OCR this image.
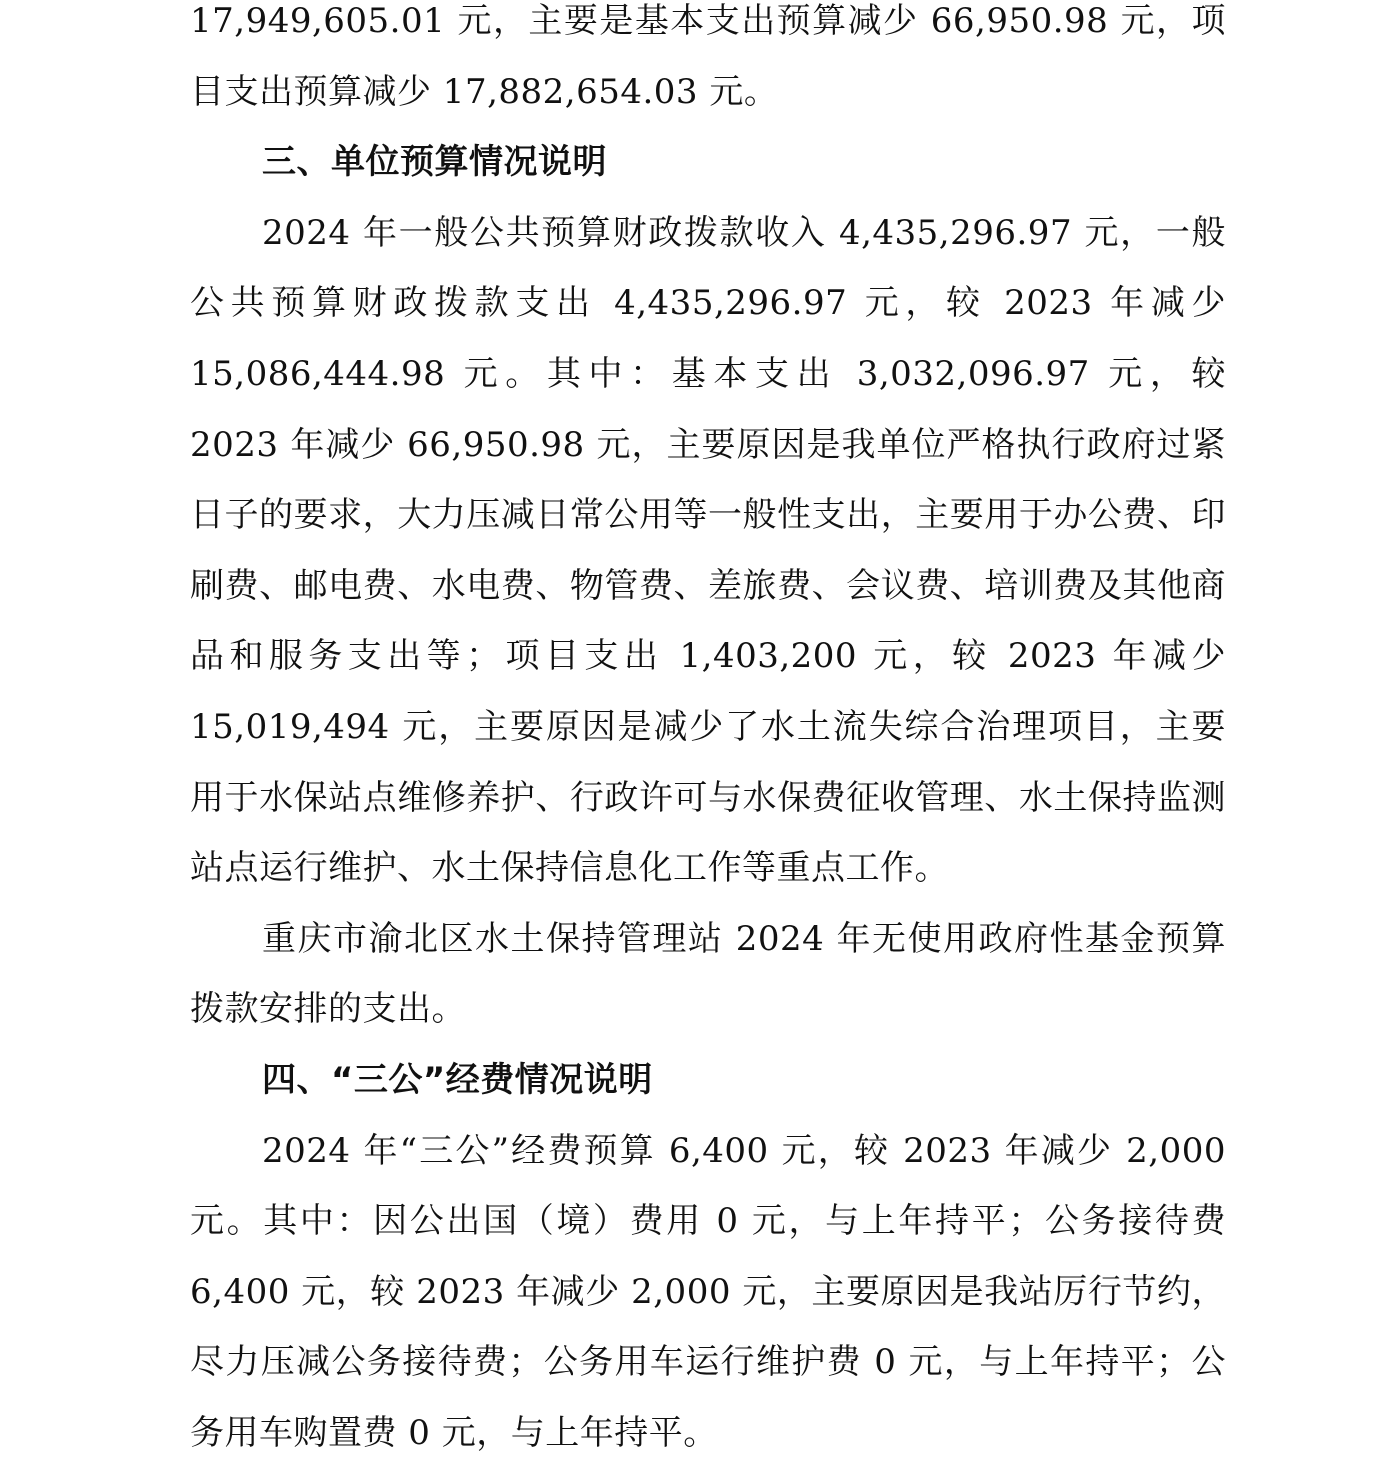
17,949,605.01 元，主要是基本支出预算减少 66,950.98 元，项目支出预算减少 17,882,654.03 元。

三、单位预算情况说明

2024 年一般公共预算财政拨款收入 4,435,296.97 元，一般公共预算财政拨款支出 4,435,296.97 元，较 2023 年减少 15,086,444.98 元。其中：基本支出 3,032,096.97 元，较 2023 年减少 66,950.98 元，主要原因是我单位严格执行政府过紧日子的要求，大力压减日常公用等一般性支出，主要用于办公费、印刷费、邮电费、水电费、物管费、差旅费、会议费、培训费及其他商品和服务支出等；项目支出 1,403,200 元，较 2023 年减少 15,019,494 元，主要原因是减少了水土流失综合治理项目，主要用于水保站点维修养护、行政许可与水保费征收管理、水土保持监测站点运行维护、水土保持信息化工作等重点工作。

重庆市渝北区水土保持管理站 2024 年无使用政府性基金预算拨款安排的支出。

四、“三公”经费情况说明

2024 年“三公”经费预算 6,400 元，较 2023 年减少 2,000 元。其中：因公出国（境）费用 0 元，与上年持平；公务接待费 6,400 元，较 2023 年减少 2,000 元，主要原因是我站厉行节约，尽力压减公务接待费；公务用车运行维护费 0 元，与上年持平；公务用车购置费 0 元，与上年持平。
